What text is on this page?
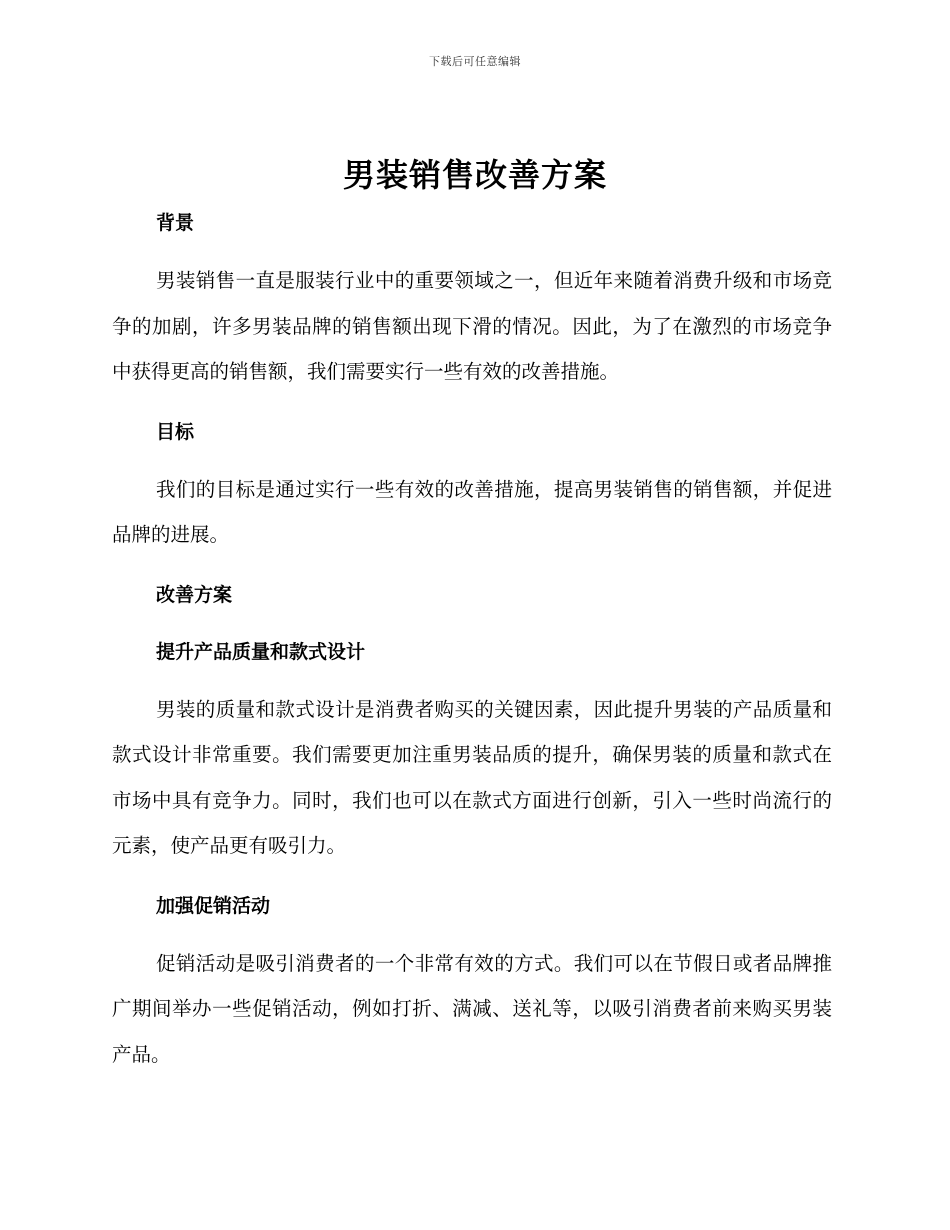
下载后可任意编辑
男装销售改善方案
背景

男装销售一直是服装行业中的重要领域之一，但近年来随着消费升级和市场竞争的加剧，许多男装品牌的销售额出现下滑的情况。因此，为了在激烈的市场竞争中获得更高的销售额，我们需要实行一些有效的改善措施。

目标

我们的目标是通过实行一些有效的改善措施，提高男装销售的销售额，并促进品牌的进展。

改善方案
提升产品质量和款式设计

男装的质量和款式设计是消费者购买的关键因素，因此提升男装的产品质量和款式设计非常重要。我们需要更加注重男装品质的提升，确保男装的质量和款式在市场中具有竞争力。同时，我们也可以在款式方面进行创新，引入一些时尚流行的元素，使产品更有吸引力。

加强促销活动

促销活动是吸引消费者的一个非常有效的方式。我们可以在节假日或者品牌推广期间举办一些促销活动，例如打折、满减、送礼等，以吸引消费者前来购买男装产品。
